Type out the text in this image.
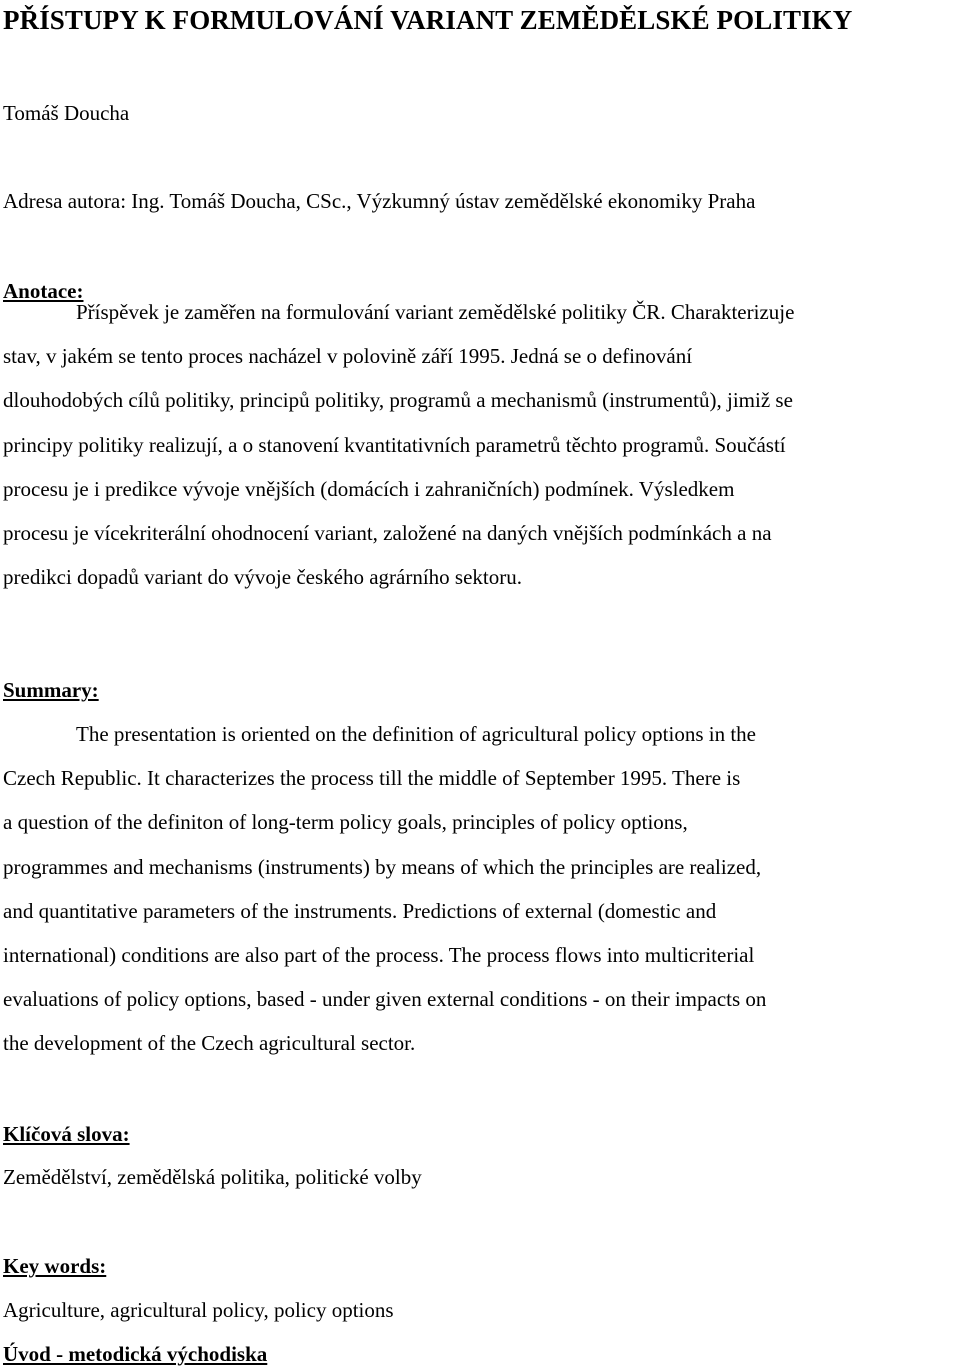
PŘÍSTUPY K FORMULOVÁNÍ VARIANT ZEMĚDĚLSKÉ POLITIKY
Tomáš Doucha
Adresa autora: Ing. Tomáš Doucha, CSc., Výzkumný ústav zemědělské ekonomiky Praha
Anotace:
Příspěvek je zaměřen na formulování variant zemědělské politiky ČR. Charakterizuje
stav, v jakém se tento proces nacházel v polovině září 1995. Jedná se o definování
dlouhodobých cílů politiky, principů politiky, programů a mechanismů (instrumentů), jimiž se
principy politiky realizují, a o stanovení kvantitativních parametrů těchto programů. Součástí
procesu je i predikce vývoje vnějších (domácích i zahraničních) podmínek. Výsledkem
procesu je vícekriterální ohodnocení variant, založené na daných vnějších podmínkách a na
predikci dopadů variant do vývoje českého agrárního sektoru.
Summary:
The presentation is oriented on the definition of agricultural policy options in the
Czech Republic. It characterizes the process till the middle of September 1995. There is
a question of the definiton of long-term policy goals, principles of policy options,
programmes and mechanisms (instruments) by means of which the principles are realized,
and quantitative parameters of the instruments. Predictions of external (domestic and
international) conditions are also part of the process. The process flows into multicriterial
evaluations of policy options, based - under given external conditions - on their impacts on
the development of the Czech agricultural sector.
Klíčová slova:
Zemědělství, zemědělská politika, politické volby
Key words:
Agriculture, agricultural policy, policy options
Úvod - metodická východiska
